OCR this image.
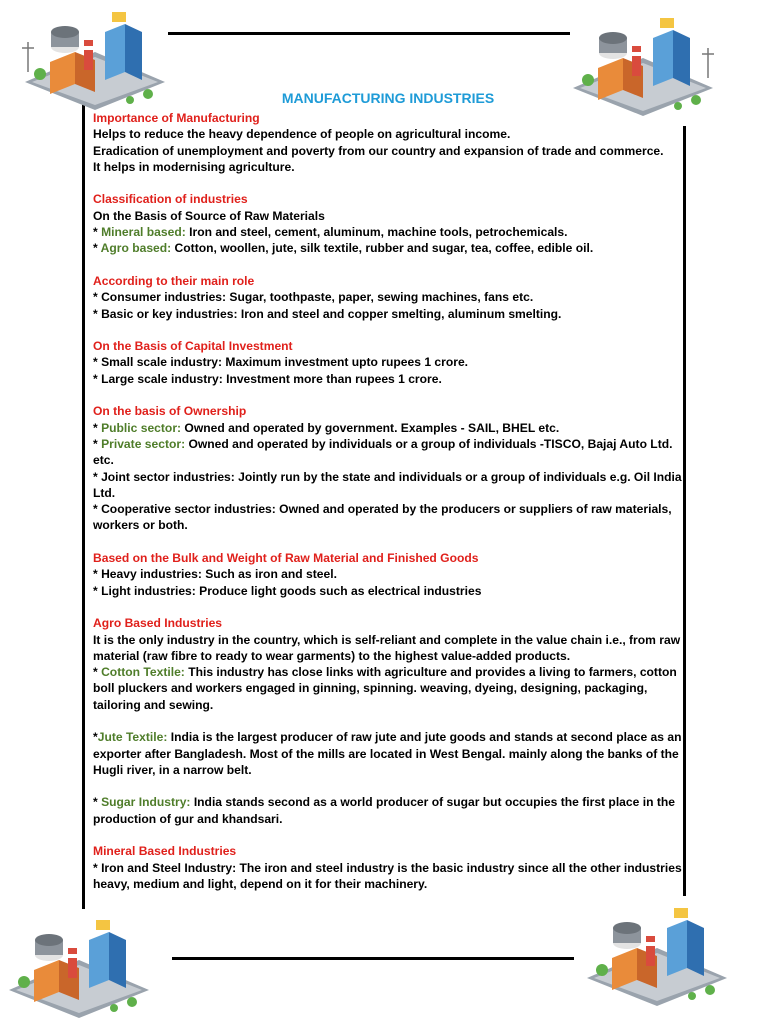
MANUFACTURING INDUSTRIES
Importance of Manufacturing
Helps to reduce the heavy dependence of people on agricultural income.
Eradication of unemployment and poverty from our country and expansion of trade and commerce.
It helps in modernising agriculture.
Classification of industries
On the Basis of Source of Raw Materials
* Mineral based: Iron and steel, cement, aluminum, machine tools, petrochemicals.
* Agro based: Cotton, woollen, jute, silk textile, rubber and sugar, tea, coffee, edible oil.
According to their main role
* Consumer industries: Sugar, toothpaste, paper, sewing machines, fans etc.
* Basic or key industries: Iron and steel and copper smelting, aluminum smelting.
On the Basis of Capital Investment
* Small scale industry: Maximum investment upto rupees 1 crore.
* Large scale industry: Investment more than rupees 1 crore.
On the basis of Ownership
* Public sector: Owned and operated by government. Examples - SAIL, BHEL etc.
* Private sector: Owned and operated by individuals or a group of individuals -TISCO, Bajaj Auto Ltd. etc.
* Joint sector industries: Jointly run by the state and individuals or a group of individuals e.g. Oil India Ltd.
* Cooperative sector industries: Owned and operated by the producers or suppliers of raw materials, workers or both.
Based on the Bulk and Weight of Raw Material and Finished Goods
* Heavy industries: Such as iron and steel.
* Light industries: Produce light goods such as electrical industries
Agro Based Industries
It is the only industry in the country, which is self-reliant and complete in the value chain i.e., from raw material (raw fibre to ready to wear garments) to the highest value-added products.
* Cotton Textile: This industry has close links with agriculture and provides a living to farmers, cotton boll pluckers and workers engaged in ginning, spinning. weaving, dyeing, designing, packaging, tailoring and sewing.
*Jute Textile: India is the largest producer of raw jute and jute goods and stands at second place as an exporter after Bangladesh. Most of the mills are located in West Bengal. mainly along the banks of the Hugli river, in a narrow belt.
* Sugar Industry: India stands second as a world producer of sugar but occupies the first place in the production of gur and khandsari.
Mineral Based Industries
* Iron and Steel Industry: The iron and steel industry is the basic industry since all the other industries heavy, medium and light, depend on it for their machinery.
